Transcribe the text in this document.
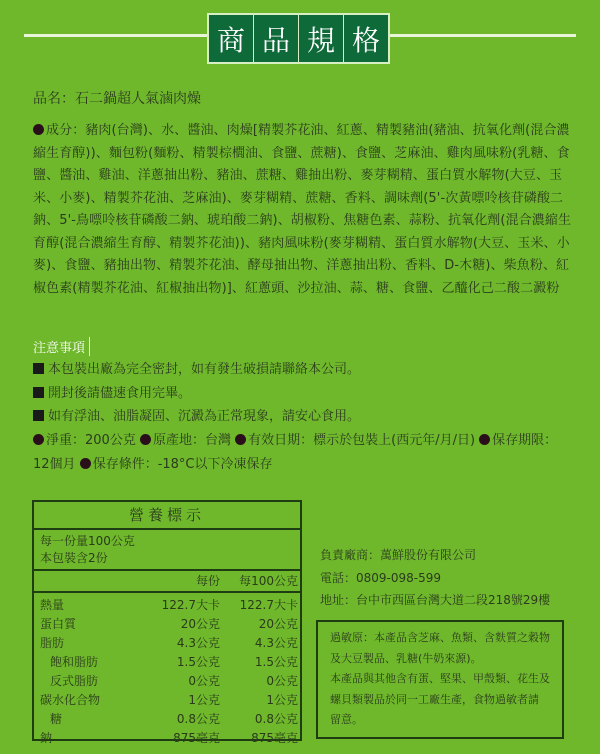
商 品 規 格
品名：石二鍋超人氣滷肉燥
成分：豬肉(台灣)、水、醬油、肉燥[精製芥花油、紅蔥、精製豬油(豬油、抗氧化劑(混合濃縮生育醇))、麵包粉(麵粉、精製棕櫚油、食鹽、蔗糖)、食鹽、芝麻油、雞肉風味粉(乳糖、食鹽、醬油、雞油、洋蔥抽出粉、豬油、蔗糖、雞抽出粉、麥芽糊精、蛋白質水解物(大豆、玉米、小麥)、精製芥花油、芝麻油)、麥芽糊精、蔗糖、香料、調味劑(5'-次黃嘌呤核苷磷酸二鈉、5'-鳥嘌呤核苷磷酸二鈉、琥珀酸二鈉)、胡椒粉、焦糖色素、蒜粉、抗氧化劑(混合濃縮生育醇(混合濃縮生育醇、精製芥花油))、豬肉風味粉(麥芽糊精、蛋白質水解物(大豆、玉米、小麥)、食鹽、豬抽出物、精製芥花油、酵母抽出物、洋蔥抽出粉、香料、D-木糖)、柴魚粉、紅椒色素(精製芥花油、紅椒抽出物)]、紅蔥頭、沙拉油、蒜、糖、食鹽、乙醯化己二酸二澱粉
注意事項
本包裝出廠為完全密封，如有發生破損請聯絡本公司。
開封後請儘速食用完畢。
如有浮油、油脂凝固、沉澱為正常現象，請安心食用。
淨重：200公克 原產地：台灣 有效日期：標示於包裝上(西元年/月/日) 保存期限：12個月 保存條件：-18°C以下冷凍保存
營養標示
每一份量100公克
本包裝含2份
每份	每100公克
熱量	122.7大卡	122.7大卡
蛋白質	20公克	20公克
脂肪	4.3公克	4.3公克
飽和脂肪	1.5公克	1.5公克
反式脂肪	0公克	0公克
碳水化合物	1公克	1公克
糖	0.8公克	0.8公克
鈉	875毫克	875毫克
負責廠商：萬鮮股份有限公司
電話：0809-098-599
地址：台中市西區台灣大道二段218號29樓
過敏原：本產品含芝麻、魚類、含麩質之穀物
及大豆製品、乳糖(牛奶來源)。
本產品與其他含有蛋、堅果、甲殼類、花生及
螺貝類製品於同一工廠生產，食物過敏者請
留意。
